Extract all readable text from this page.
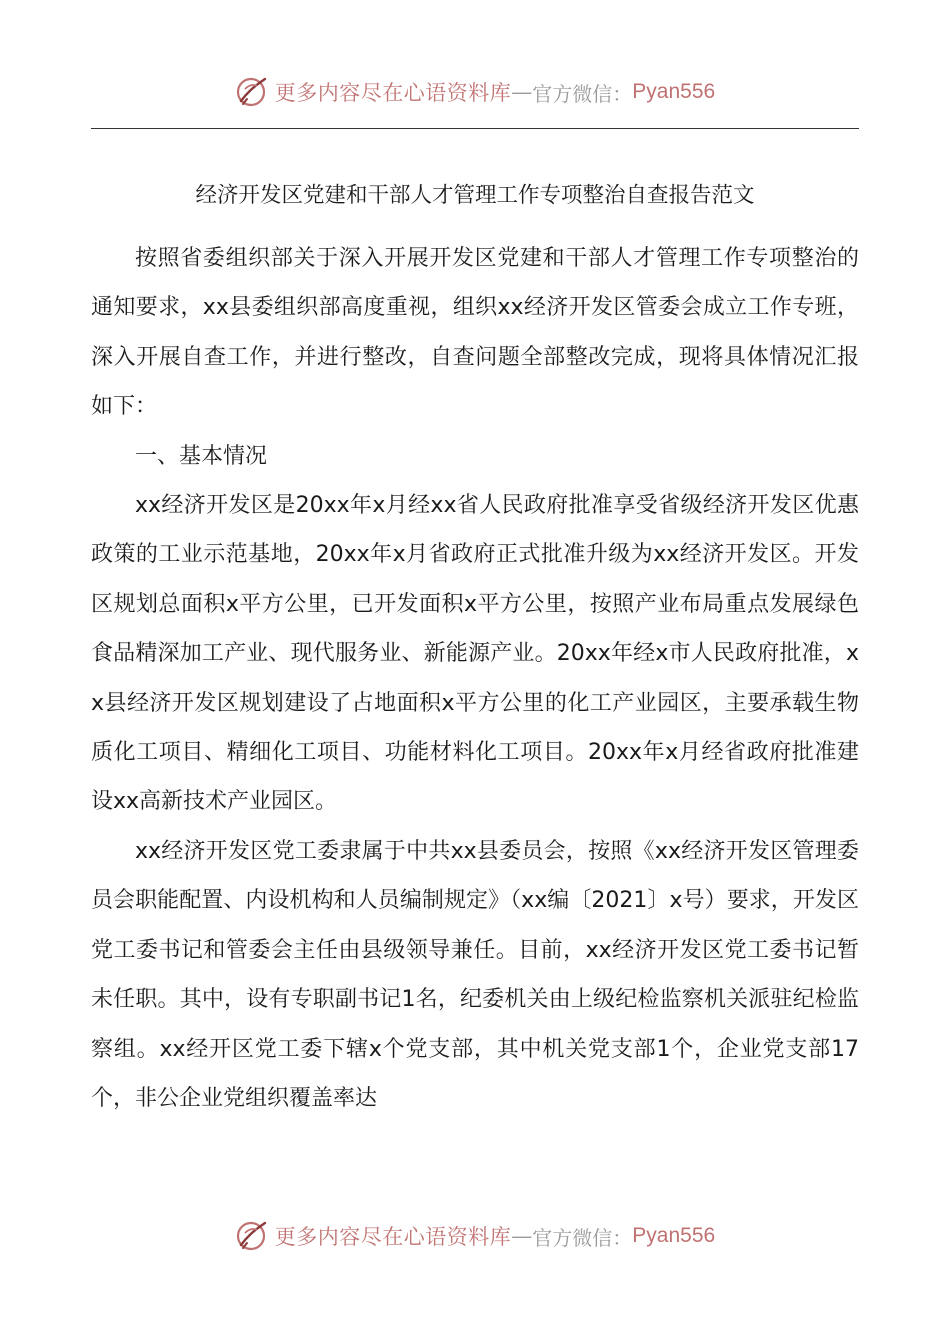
更多内容尽在心语资料库 — 官方微信： Pyan556
经济开发区党建和干部人才管理工作专项整治自查报告范文

按照省委组织部关于深入开展开发区党建和干部人才管理工作专项整治的通知要求，xx县委组织部高度重视，组织xx经济开发区管委会成立工作专班，深入开展自查工作，并进行整改，自查问题全部整改完成，现将具体情况汇报如下：

一、基本情况

xx经济开发区是20xx年x月经xx省人民政府批准享受省级经济开发区优惠政策的工业示范基地，20xx年x月省政府正式批准升级为xx经济开发区。开发区规划总面积x平方公里，已开发面积x平方公里，按照产业布局重点发展绿色食品精深加工产业、现代服务业、新能源产业。20xx年经x市人民政府批准，xx县经济开发区规划建设了占地面积x平方公里的化工产业园区，主要承载生物质化工项目、精细化工项目、功能材料化工项目。20xx年x月经省政府批准建设xx高新技术产业园区。

xx经济开发区党工委隶属于中共xx县委员会，按照《xx经济开发区管理委员会职能配置、内设机构和人员编制规定》（xx编〔2021〕x号）要求，开发区党工委书记和管委会主任由县级领导兼任。目前，xx经济开发区党工委书记暂未任职。其中，设有专职副书记1名，纪委机关由上级纪检监察机关派驻纪检监察组。xx经开区党工委下辖x个党支部，其中机关党支部1个，企业党支部17个，非公企业党组织覆盖率达

更多内容尽在心语资料库 — 官方微信： Pyan556
